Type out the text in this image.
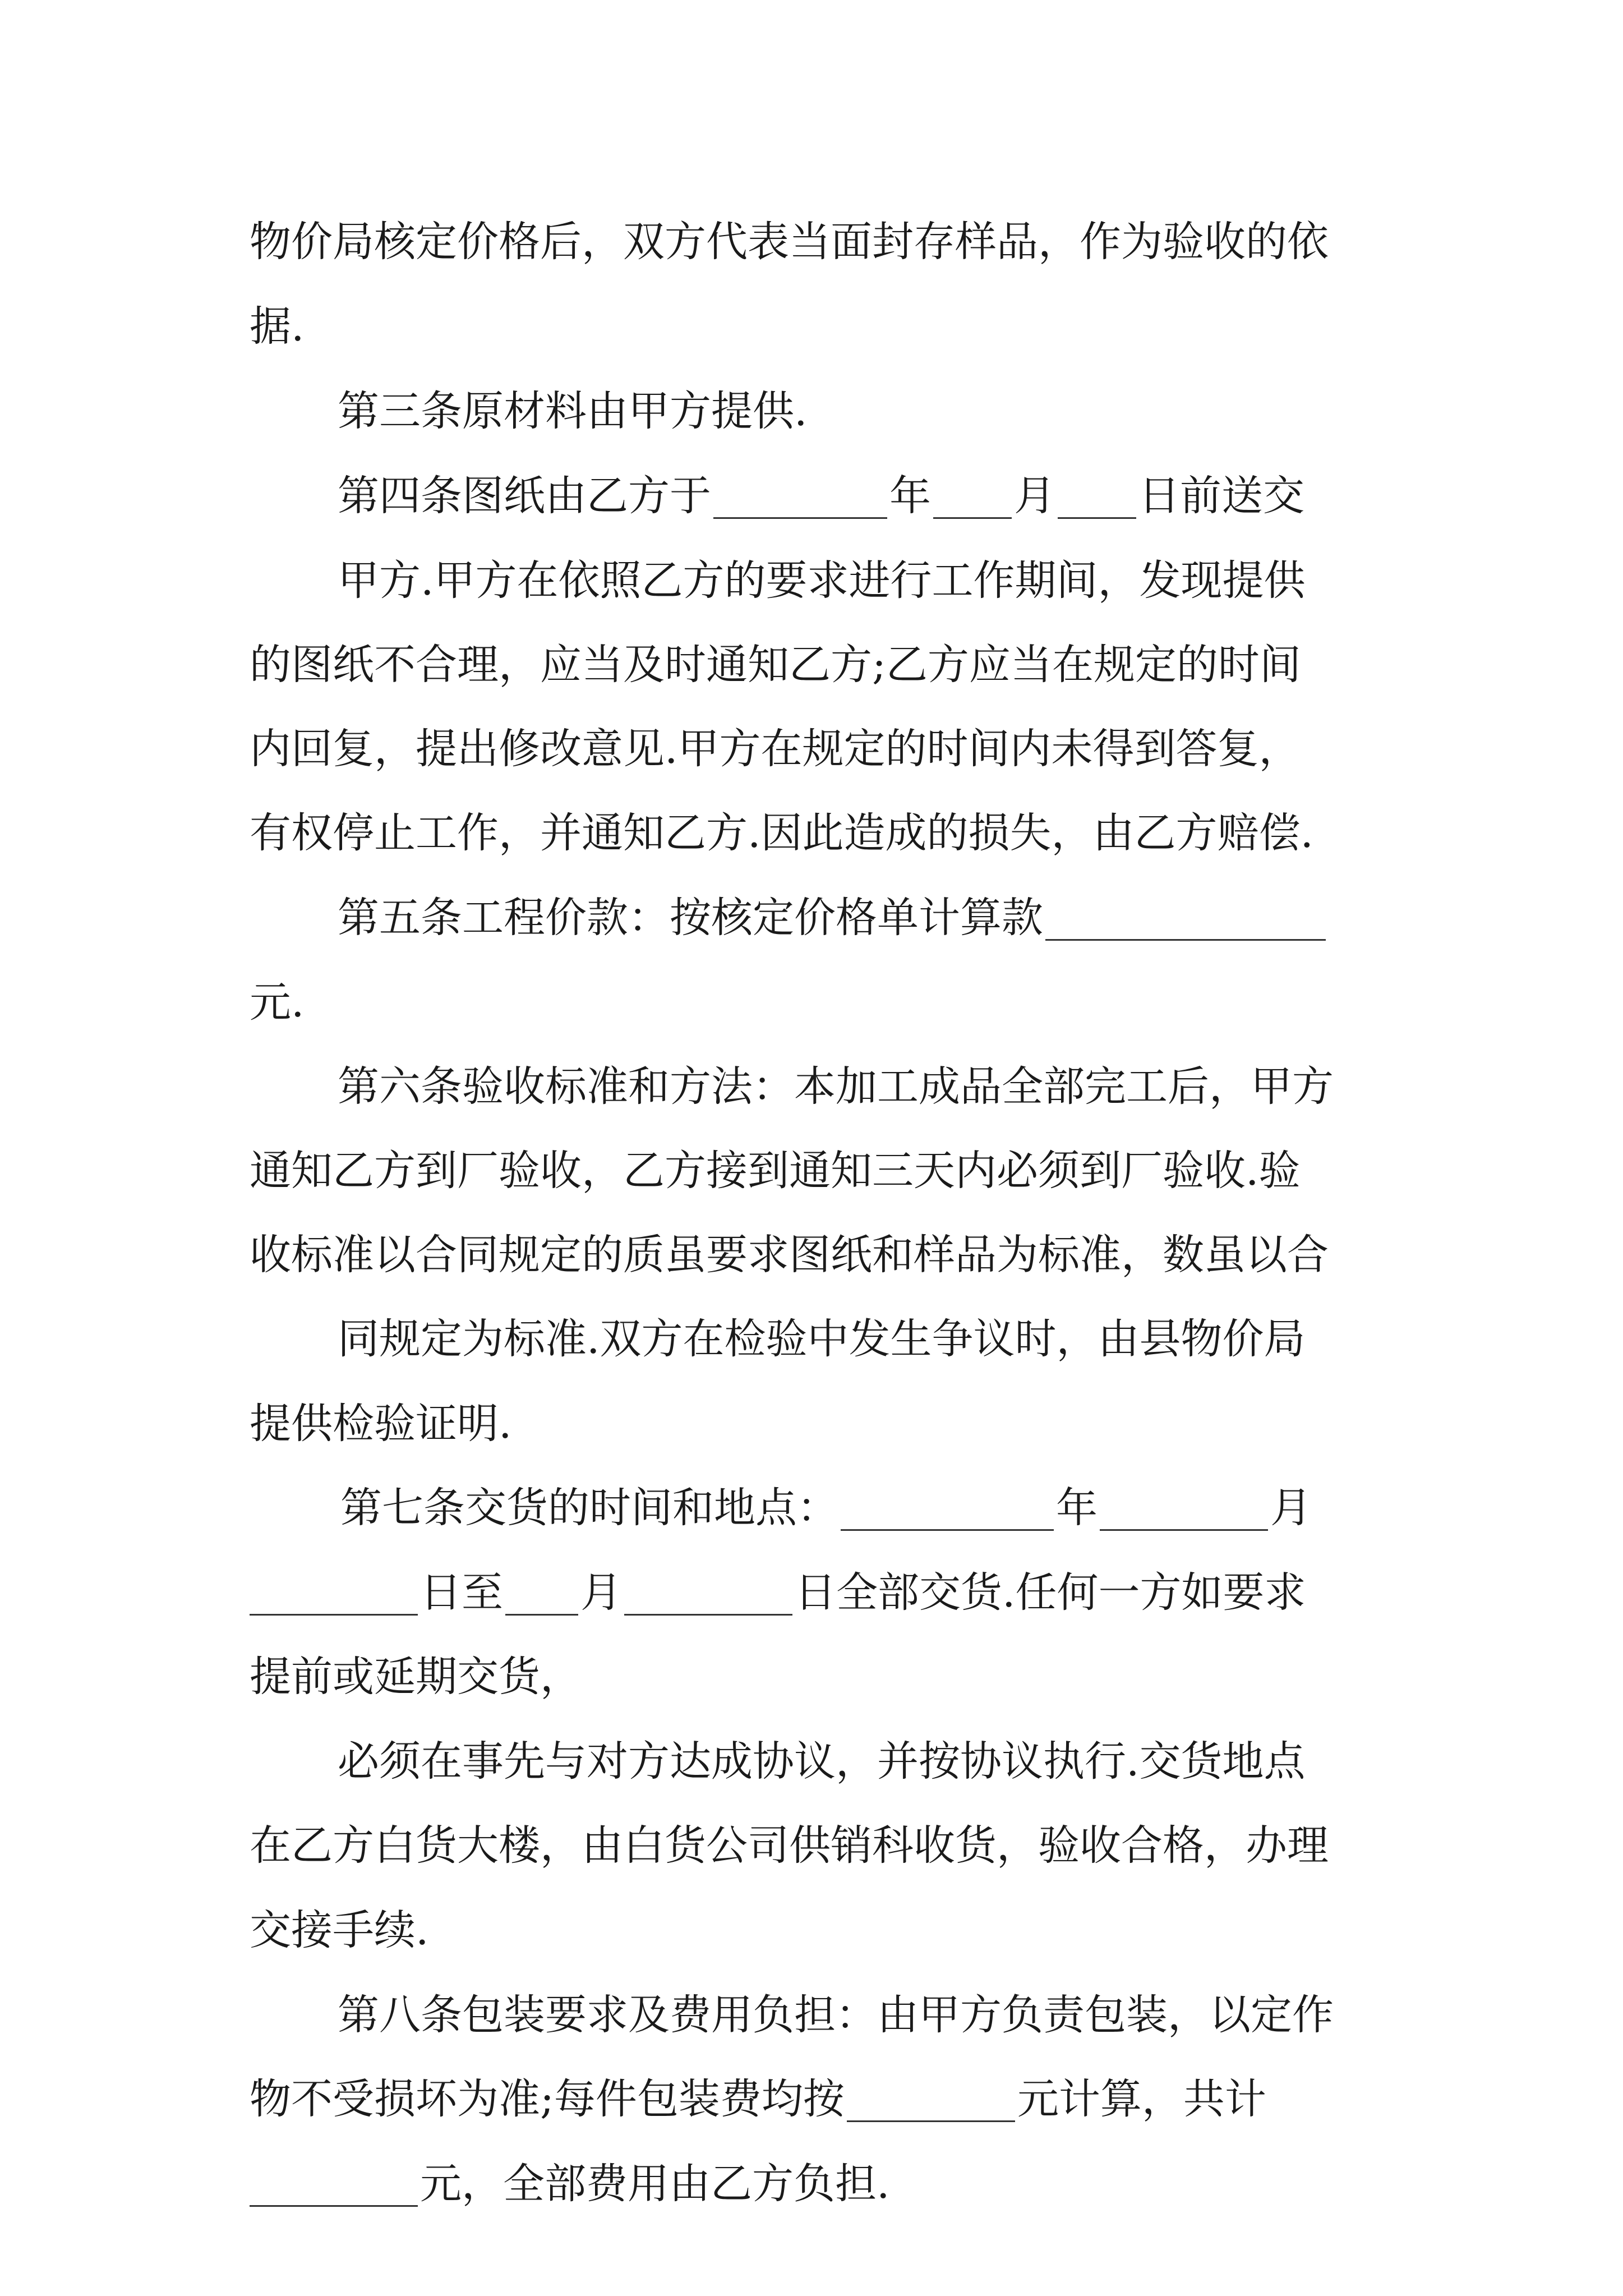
物价局核定价格后，双方代表当面封存样品，作为验收的依
据.
第三条原材料由甲方提供.
第四条图纸由乙方于	年 月 日前送交
甲方.甲方在依照乙方的要求进行工作期间，发现提供
的图纸不合理，应当及时通知乙方;乙方应当在规定的时间
内回复，提出修改意见.甲方在规定的时间内未得到答复，
有权停止工作，并通知乙方.因此造成的损失，由乙方赔偿.
第五条工程价款：按核定价格单计算款
元.
第六条验收标准和方法：本加工成品全部完工后，甲方
通知乙方到厂验收，乙方接到通知三天内必须到厂验收.验
收标准以合同规定的质虽要求图纸和样品为标准，数虽以合
同规定为标准.双方在检验中发生争议时，由县物价局
提供检验证明.
第七条交货的时间和地点：	年	月
日至 月	日全部交货.任何一方如要求
提前或延期交货，
必须在事先与对方达成协议，并按协议执行.交货地点
在乙方白货大楼，由白货公司供销科收货，验收合格，办理
交接手续.
第八条包装要求及费用负担：由甲方负责包装，以定作
物不受损坏为准;每件包装费均按	元计算，共计
元，全部费用由乙方负担.
